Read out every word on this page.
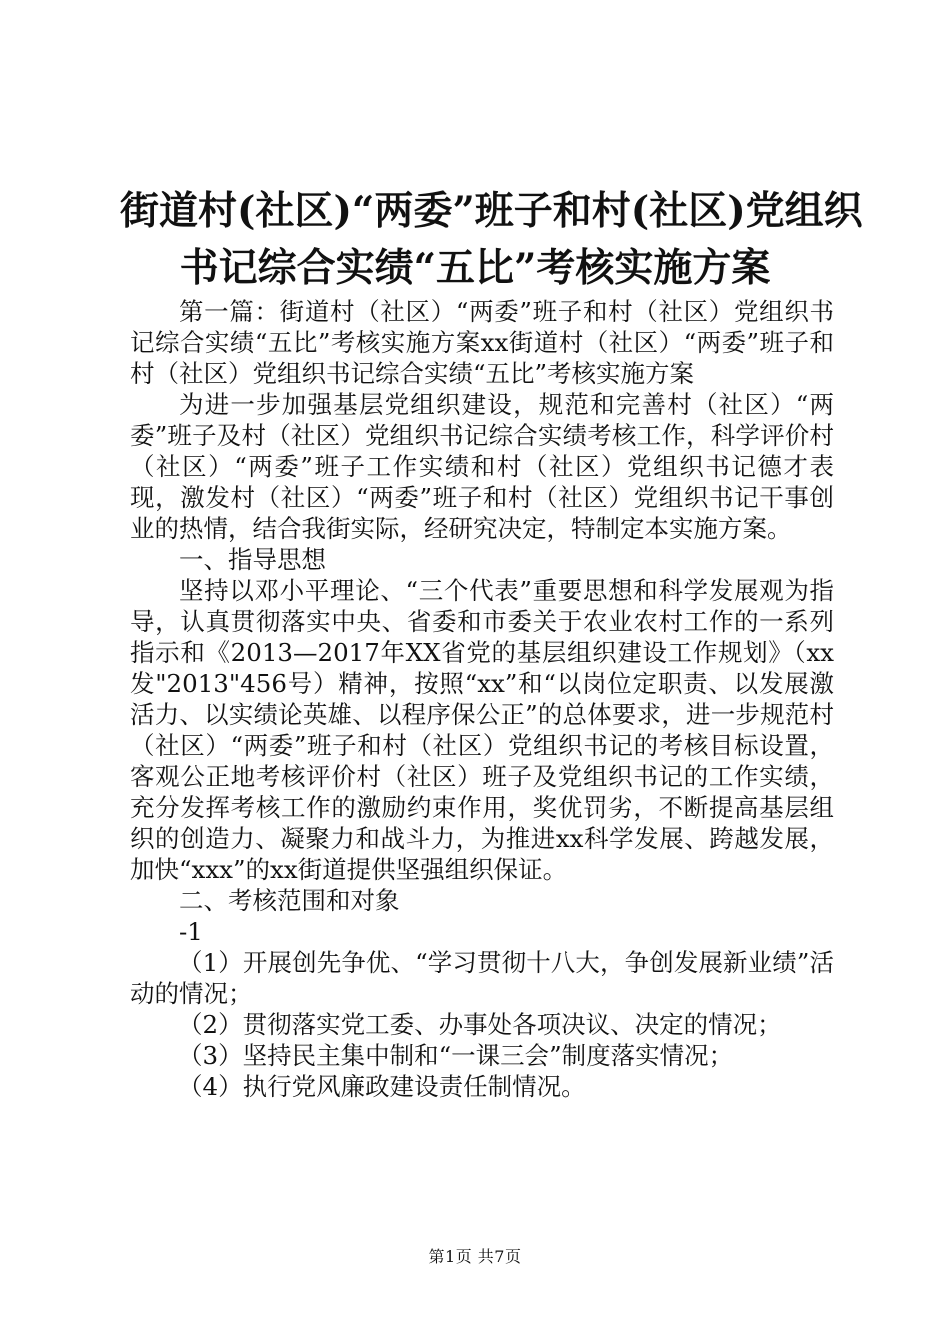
街道村(社区)“两委”班子和村(社区)党组织
书记综合实绩“五比”考核实施方案

第一篇：街道村（社区）“两委”班子和村（社区）党组织书记综合实绩“五比”考核实施方案xx街道村（社区）“两委”班子和村（社区）党组织书记综合实绩“五比”考核实施方案

为进一步加强基层党组织建设，规范和完善村（社区）“两委”班子及村（社区）党组织书记综合实绩考核工作，科学评价村（社区）“两委”班子工作实绩和村（社区）党组织书记德才表现，激发村（社区）“两委”班子和村（社区）党组织书记干事创业的热情，结合我街实际，经研究决定，特制定本实施方案。

一、指导思想

坚持以邓小平理论、“三个代表”重要思想和科学发展观为指导，认真贯彻落实中央、省委和市委关于农业农村工作的一系列指示和《2013—2017年XX省党的基层组织建设工作规划》（xx发"2013"456号）精神，按照“xx”和“以岗位定职责、以发展激活力、以实绩论英雄、以程序保公正”的总体要求，进一步规范村（社区）“两委”班子和村（社区）党组织书记的考核目标设置，客观公正地考核评价村（社区）班子及党组织书记的工作实绩，充分发挥考核工作的激励约束作用，奖优罚劣，不断提高基层组织的创造力、凝聚力和战斗力，为推进xx科学发展、跨越发展，加快“xxx”的xx街道提供坚强组织保证。

二、考核范围和对象

-1

（1）开展创先争优、“学习贯彻十八大，争创发展新业绩”活动的情况；

（2）贯彻落实党工委、办事处各项决议、决定的情况；

（3）坚持民主集中制和“一课三会”制度落实情况；

（4）执行党风廉政建设责任制情况。

第1页 共7页
